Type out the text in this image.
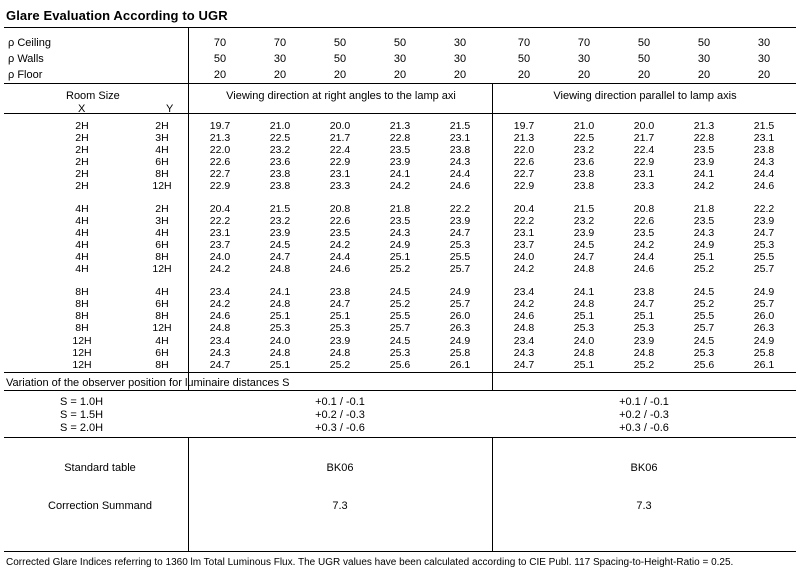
Glare Evaluation According to UGR
ρ Ceiling	70	70	50	50	30	70	70	50	50	30
ρ Walls	50	30	50	30	30	50	30	50	30	30
ρ Floor	20	20	20	20	20	20	20	20	20	20
Room Size
X	Y
Viewing direction at right angles to the lamp axi	Viewing direction parallel to lamp axis
2H	2H	19.7	21.0	20.0	21.3	21.5	19.7	21.0	20.0	21.3	21.5
2H	3H	21.3	22.5	21.7	22.8	23.1	21.3	22.5	21.7	22.8	23.1
2H	4H	22.0	23.2	22.4	23.5	23.8	22.0	23.2	22.4	23.5	23.8
2H	6H	22.6	23.6	22.9	23.9	24.3	22.6	23.6	22.9	23.9	24.3
2H	8H	22.7	23.8	23.1	24.1	24.4	22.7	23.8	23.1	24.1	24.4
2H	12H	22.9	23.8	23.3	24.2	24.6	22.9	23.8	23.3	24.2	24.6
4H	2H	20.4	21.5	20.8	21.8	22.2	20.4	21.5	20.8	21.8	22.2
4H	3H	22.2	23.2	22.6	23.5	23.9	22.2	23.2	22.6	23.5	23.9
4H	4H	23.1	23.9	23.5	24.3	24.7	23.1	23.9	23.5	24.3	24.7
4H	6H	23.7	24.5	24.2	24.9	25.3	23.7	24.5	24.2	24.9	25.3
4H	8H	24.0	24.7	24.4	25.1	25.5	24.0	24.7	24.4	25.1	25.5
4H	12H	24.2	24.8	24.6	25.2	25.7	24.2	24.8	24.6	25.2	25.7
8H	4H	23.4	24.1	23.8	24.5	24.9	23.4	24.1	23.8	24.5	24.9
8H	6H	24.2	24.8	24.7	25.2	25.7	24.2	24.8	24.7	25.2	25.7
8H	8H	24.6	25.1	25.1	25.5	26.0	24.6	25.1	25.1	25.5	26.0
8H	12H	24.8	25.3	25.3	25.7	26.3	24.8	25.3	25.3	25.7	26.3
12H	4H	23.4	24.0	23.9	24.5	24.9	23.4	24.0	23.9	24.5	24.9
12H	6H	24.3	24.8	24.8	25.3	25.8	24.3	24.8	24.8	25.3	25.8
12H	8H	24.7	25.1	25.2	25.6	26.1	24.7	25.1	25.2	25.6	26.1
Variation of the observer position for luminaire distances S
S = 1.0H	+0.1 / -0.1	+0.1 / -0.1
S = 1.5H	+0.2 / -0.3	+0.2 / -0.3
S = 2.0H	+0.3 / -0.6	+0.3 / -0.6
Standard table	BK06	BK06
Correction Summand	7.3	7.3
Corrected Glare Indices referring to 1360 lm Total Luminous Flux. The UGR values have been calculated according to CIE Publ. 117 Spacing-to-Height-Ratio = 0.25.
